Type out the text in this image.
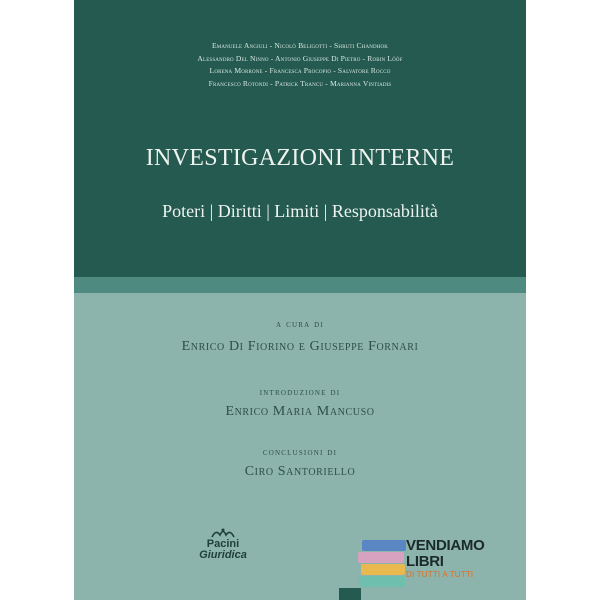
Emanuele Angiuli - Nicolò Beligotti - Shruti Chandhok
Alessandro Del Ninno - Antonio Giuseppe Di Pietro - Robin Lööf
Lorena Morrone - Francesca Procopio - Salvatore Rocco
Francesco Rotondi - Patrick Trancu - Marianna Vintiadis
INVESTIGAZIONI INTERNE
Poteri | Diritti | Limiti | Responsabilità
a cura di
Enrico Di Fiorino e Giuseppe Fornari
introduzione di
Enrico Maria Mancuso
conclusioni di
Ciro Santoriello
Pacini
Giuridica
VENDIAMO
LIBRI
DI TUTTI A TUTTI
